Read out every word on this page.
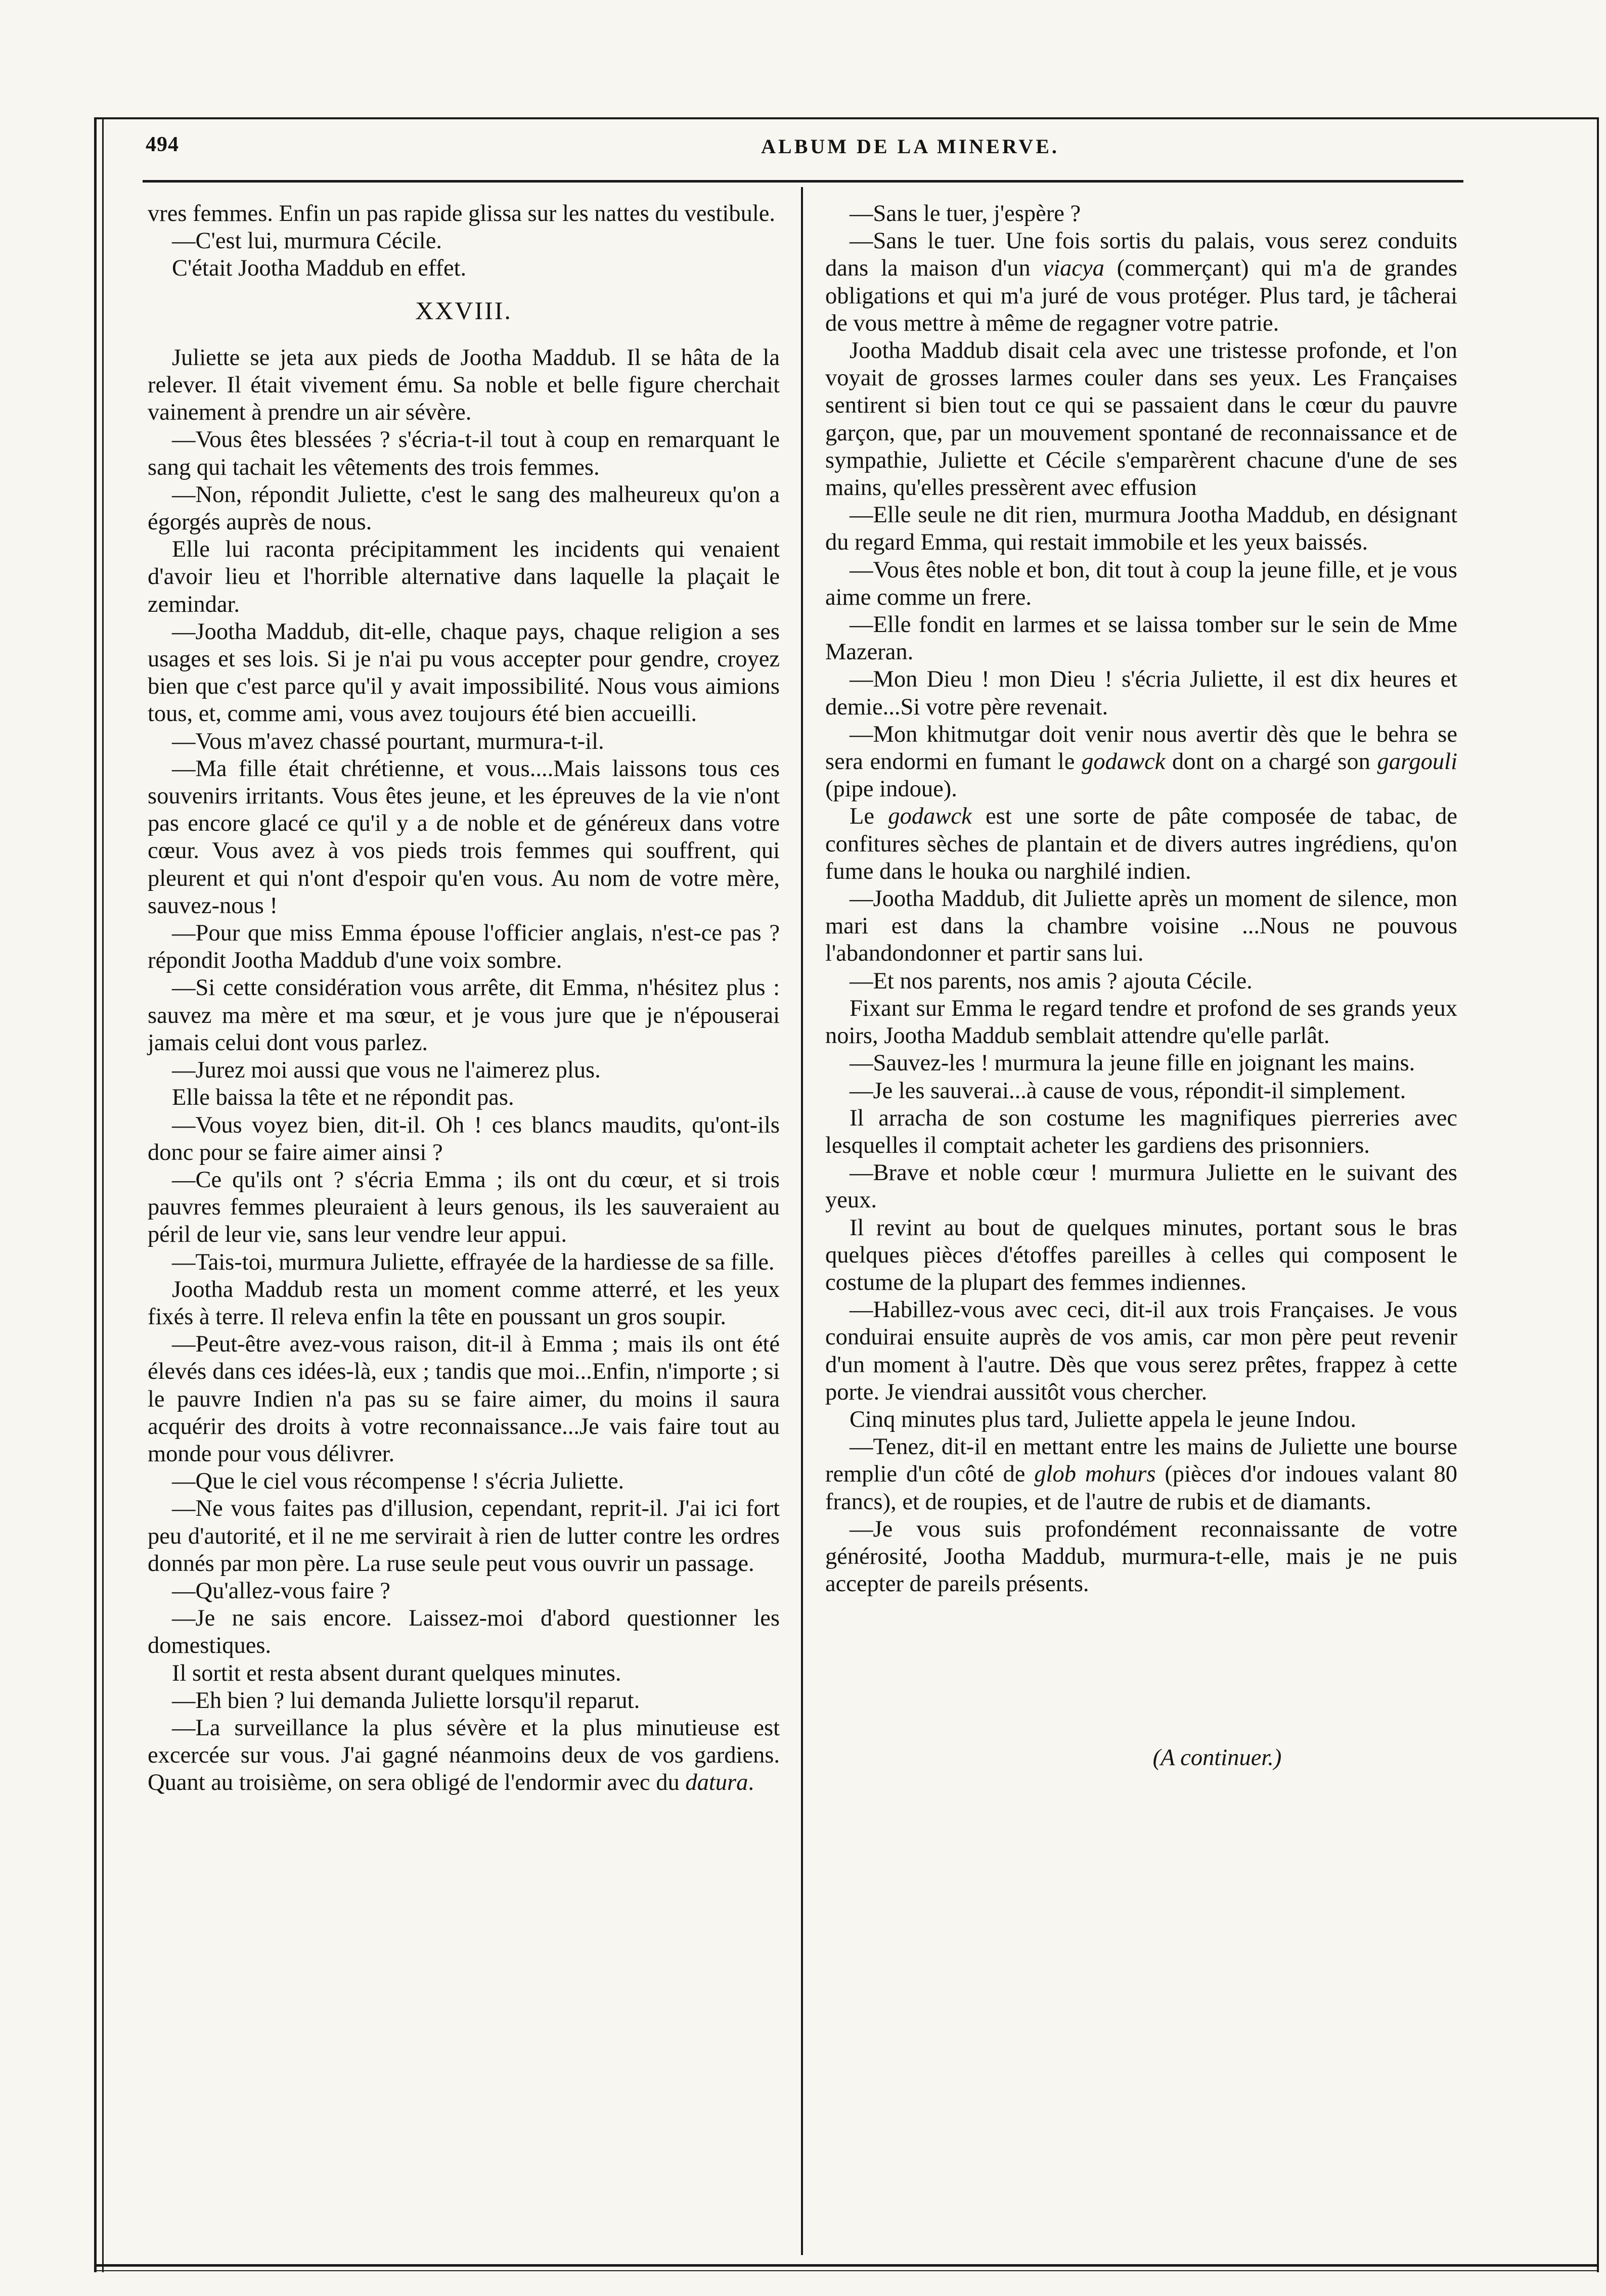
494	ALBUM DE LA MINERVE.

vres femmes. Enfin un pas rapide glissa sur les nattes du vestibule.

—C'est lui, murmura Cécile.

C'était Jootha Maddub en effet.

XXVIII.

Juliette se jeta aux pieds de Jootha Maddub. Il se hâta de la relever. Il était vivement ému. Sa noble et belle figure cherchait vainement à prendre un air sévère.

—Vous êtes blessées ? s'écria-t-il tout à coup en remarquant le sang qui tachait les vêtements des trois femmes.

—Non, répondit Juliette, c'est le sang des malheureux qu'on a égorgés auprès de nous.

Elle lui raconta précipitamment les incidents qui venaient d'avoir lieu et l'horrible alternative dans laquelle la plaçait le zemindar.

—Jootha Maddub, dit-elle, chaque pays, chaque religion a ses usages et ses lois. Si je n'ai pu vous accepter pour gendre, croyez bien que c'est parce qu'il y avait impossibilité. Nous vous aimions tous, et, comme ami, vous avez toujours été bien accueilli.

—Vous m'avez chassé pourtant, murmura-t-il.

—Ma fille était chrétienne, et vous....Mais laissons tous ces souvenirs irritants. Vous êtes jeune, et les épreuves de la vie n'ont pas encore glacé ce qu'il y a de noble et de généreux dans votre cœur. Vous avez à vos pieds trois femmes qui souffrent, qui pleurent et qui n'ont d'espoir qu'en vous. Au nom de votre mère, sauvez-nous !

—Pour que miss Emma épouse l'officier anglais, n'est-ce pas ? répondit Jootha Maddub d'une voix sombre.

—Si cette considération vous arrête, dit Emma, n'hésitez plus : sauvez ma mère et ma sœur, et je vous jure que je n'épouserai jamais celui dont vous parlez.

—Jurez moi aussi que vous ne l'aimerez plus.

Elle baissa la tête et ne répondit pas.

—Vous voyez bien, dit-il. Oh ! ces blancs maudits, qu'ont-ils donc pour se faire aimer ainsi ?

—Ce qu'ils ont ? s'écria Emma ; ils ont du cœur, et si trois pauvres femmes pleuraient à leurs genous, ils les sauveraient au péril de leur vie, sans leur vendre leur appui.

—Tais-toi, murmura Juliette, effrayée de la hardiesse de sa fille.

Jootha Maddub resta un moment comme atterré, et les yeux fixés à terre. Il releva enfin la tête en poussant un gros soupir.

—Peut-être avez-vous raison, dit-il à Emma ; mais ils ont été élevés dans ces idées-là, eux ; tandis que moi...Enfin, n'importe ; si le pauvre Indien n'a pas su se faire aimer, du moins il saura acquérir des droits à votre reconnaissance...Je vais faire tout au monde pour vous délivrer.

—Que le ciel vous récompense ! s'écria Juliette.

—Ne vous faites pas d'illusion, cependant, reprit-il. J'ai ici fort peu d'autorité, et il ne me servirait à rien de lutter contre les ordres donnés par mon père. La ruse seule peut vous ouvrir un passage.

—Qu'allez-vous faire ?

—Je ne sais encore. Laissez-moi d'abord questionner les domestiques.

Il sortit et resta absent durant quelques minutes.

—Eh bien ? lui demanda Juliette lorsqu'il reparut.

—La surveillance la plus sévère et la plus minutieuse est excercée sur vous. J'ai gagné néanmoins deux de vos gardiens. Quant au troisième, on sera obligé de l'endormir avec du datura.

—Sans le tuer, j'espère ?

—Sans le tuer. Une fois sortis du palais, vous serez conduits dans la maison d'un viacya (commerçant) qui m'a de grandes obligations et qui m'a juré de vous protéger. Plus tard, je tâcherai de vous mettre à même de regagner votre patrie.

Jootha Maddub disait cela avec une tristesse profonde, et l'on voyait de grosses larmes couler dans ses yeux. Les Françaises sentirent si bien tout ce qui se passaient dans le cœur du pauvre garçon, que, par un mouvement spontané de reconnaissance et de sympathie, Juliette et Cécile s'emparèrent chacune d'une de ses mains, qu'elles pressèrent avec effusion

—Elle seule ne dit rien, murmura Jootha Maddub, en désignant du regard Emma, qui restait immobile et les yeux baissés.

—Vous êtes noble et bon, dit tout à coup la jeune fille, et je vous aime comme un frere.

—Elle fondit en larmes et se laissa tomber sur le sein de Mme Mazeran.

—Mon Dieu ! mon Dieu ! s'écria Juliette, il est dix heures et demie...Si votre père revenait.

—Mon khitmutgar doit venir nous avertir dès que le behra se sera endormi en fumant le godawck dont on a chargé son gargouli (pipe indoue).

Le godawck est une sorte de pâte composée de tabac, de confitures sèches de plantain et de divers autres ingrédiens, qu'on fume dans le houka ou narghilé indien.

—Jootha Maddub, dit Juliette après un moment de silence, mon mari est dans la chambre voisine ...Nous ne pouvous l'abandondonner et partir sans lui.

—Et nos parents, nos amis ? ajouta Cécile.

Fixant sur Emma le regard tendre et profond de ses grands yeux noirs, Jootha Maddub semblait attendre qu'elle parlât.

—Sauvez-les ! murmura la jeune fille en joignant les mains.

—Je les sauverai...à cause de vous, répondit-il simplement.

Il arracha de son costume les magnifiques pierreries avec lesquelles il comptait acheter les gardiens des prisonniers.

—Brave et noble cœur ! murmura Juliette en le suivant des yeux.

Il revint au bout de quelques minutes, portant sous le bras quelques pièces d'étoffes pareilles à celles qui composent le costume de la plupart des femmes indiennes.

—Habillez-vous avec ceci, dit-il aux trois Françaises. Je vous conduirai ensuite auprès de vos amis, car mon père peut revenir d'un moment à l'autre. Dès que vous serez prêtes, frappez à cette porte. Je viendrai aussitôt vous chercher.

Cinq minutes plus tard, Juliette appela le jeune Indou.

—Tenez, dit-il en mettant entre les mains de Juliette une bourse remplie d'un côté de glob mohurs (pièces d'or indoues valant 80 francs), et de roupies, et de l'autre de rubis et de diamants.

—Je vous suis profondément reconnaissante de votre générosité, Jootha Maddub, murmura-t-elle, mais je ne puis accepter de pareils présents.

(A continuer.)
